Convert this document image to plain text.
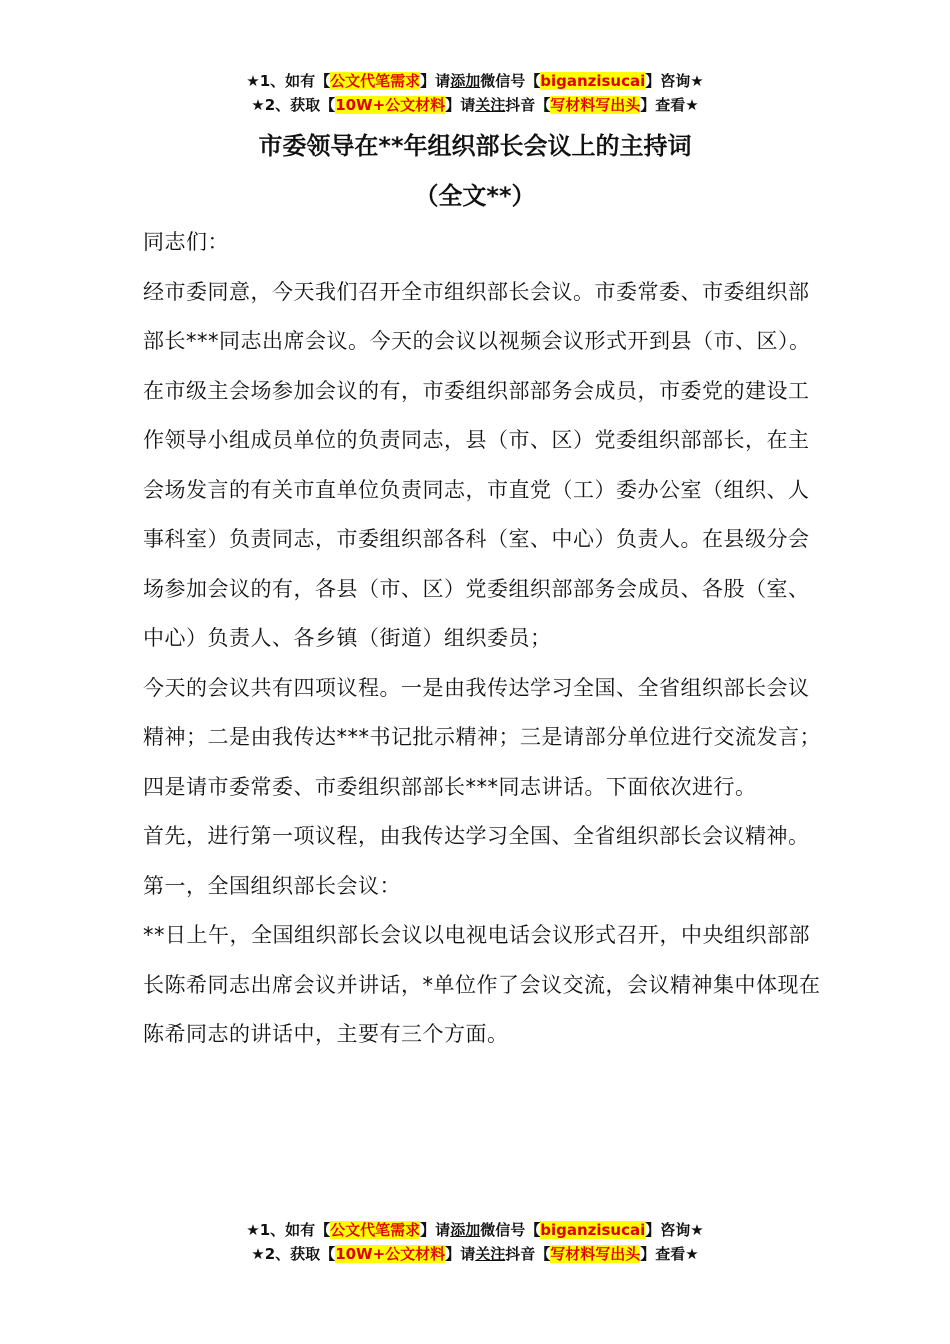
★1、如有【公文代笔需求】请添加微信号【biganzisucai】咨询★
★2、获取【10W+公文材料】请关注抖音【写材料写出头】查看★
市委领导在**年组织部长会议上的主持词
（全文**）

同志们：

经市委同意，今天我们召开全市组织部长会议。市委常委、市委组织部部长***同志出席会议。今天的会议以视频会议形式开到县（市、区）。在市级主会场参加会议的有，市委组织部部务会成员，市委党的建设工作领导小组成员单位的负责同志，县（市、区）党委组织部部长，在主会场发言的有关市直单位负责同志，市直党（工）委办公室（组织、人事科室）负责同志，市委组织部各科（室、中心）负责人。在县级分会场参加会议的有，各县（市、区）党委组织部部务会成员、各股（室、中心）负责人、各乡镇（街道）组织委员；

今天的会议共有四项议程。一是由我传达学习全国、全省组织部长会议精神；二是由我传达***书记批示精神；三是请部分单位进行交流发言；四是请市委常委、市委组织部部长***同志讲话。下面依次进行。

首先，进行第一项议程，由我传达学习全国、全省组织部长会议精神。

第一，全国组织部长会议：

**日上午，全国组织部长会议以电视电话会议形式召开，中央组织部部长陈希同志出席会议并讲话，*单位作了会议交流，会议精神集中体现在陈希同志的讲话中，主要有三个方面。

★1、如有【公文代笔需求】请添加微信号【biganzisucai】咨询★
★2、获取【10W+公文材料】请关注抖音【写材料写出头】查看★
